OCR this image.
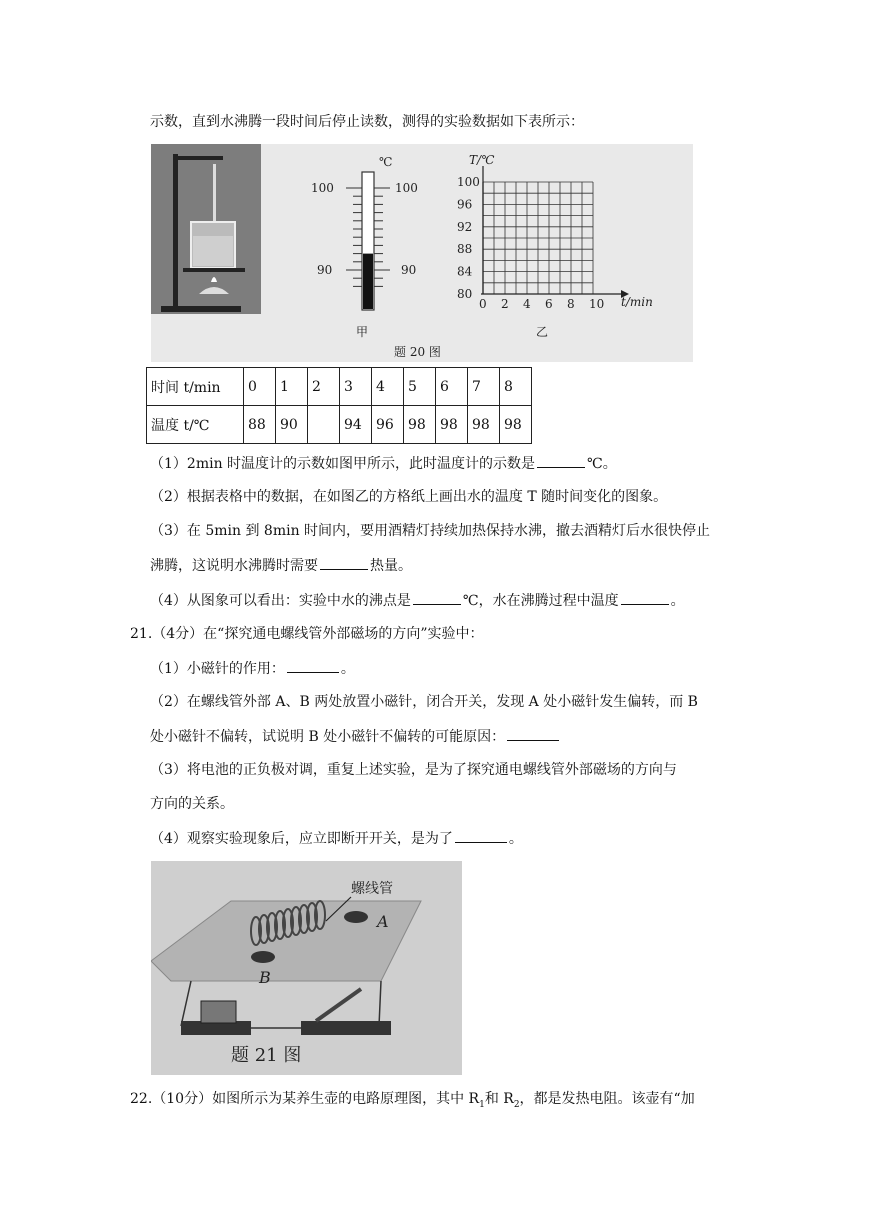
示数，直到水沸腾一段时间后停止读数，测得的实验数据如下表所示：
℃
100	100
90	90
甲
T/℃
100
96
92
88
84
80
0 2 4 6 8 10 t/min
乙
题 20 图
时间 t/min	0	1	2	3	4	5	6	7	8
温度 t/℃	88	90		94	96	98	98	98	98
（1）2min 时温度计的示数如图甲所示，此时温度计的示数是	℃。
（2）根据表格中的数据，在如图乙的方格纸上画出水的温度 T 随时间变化的图象。
（3）在 5min 到 8min 时间内，要用酒精灯持续加热保持水沸，撤去酒精灯后水很快停止
沸腾，这说明水沸腾时需要	热量。
（4）从图象可以看出：实验中水的沸点是	℃，水在沸腾过程中温度	。
21.（4分）在“探究通电螺线管外部磁场的方向”实验中：
（1）小磁针的作用：	。
（2）在螺线管外部 A、B 两处放置小磁针，闭合开关，发现 A 处小磁针发生偏转，而 B
处小磁针不偏转，试说明 B 处小磁针不偏转的可能原因：
（3）将电池的正负极对调，重复上述实验，是为了探究通电螺线管外部磁场的方向与
方向的关系。
（4）观察实验现象后，应立即断开开关，是为了	。
螺线管
A
B
题 21 图
22.（10分）如图所示为某养生壶的电路原理图，其中 $R_1$和 $R_2$，都是发热电阻。该壶有“加
